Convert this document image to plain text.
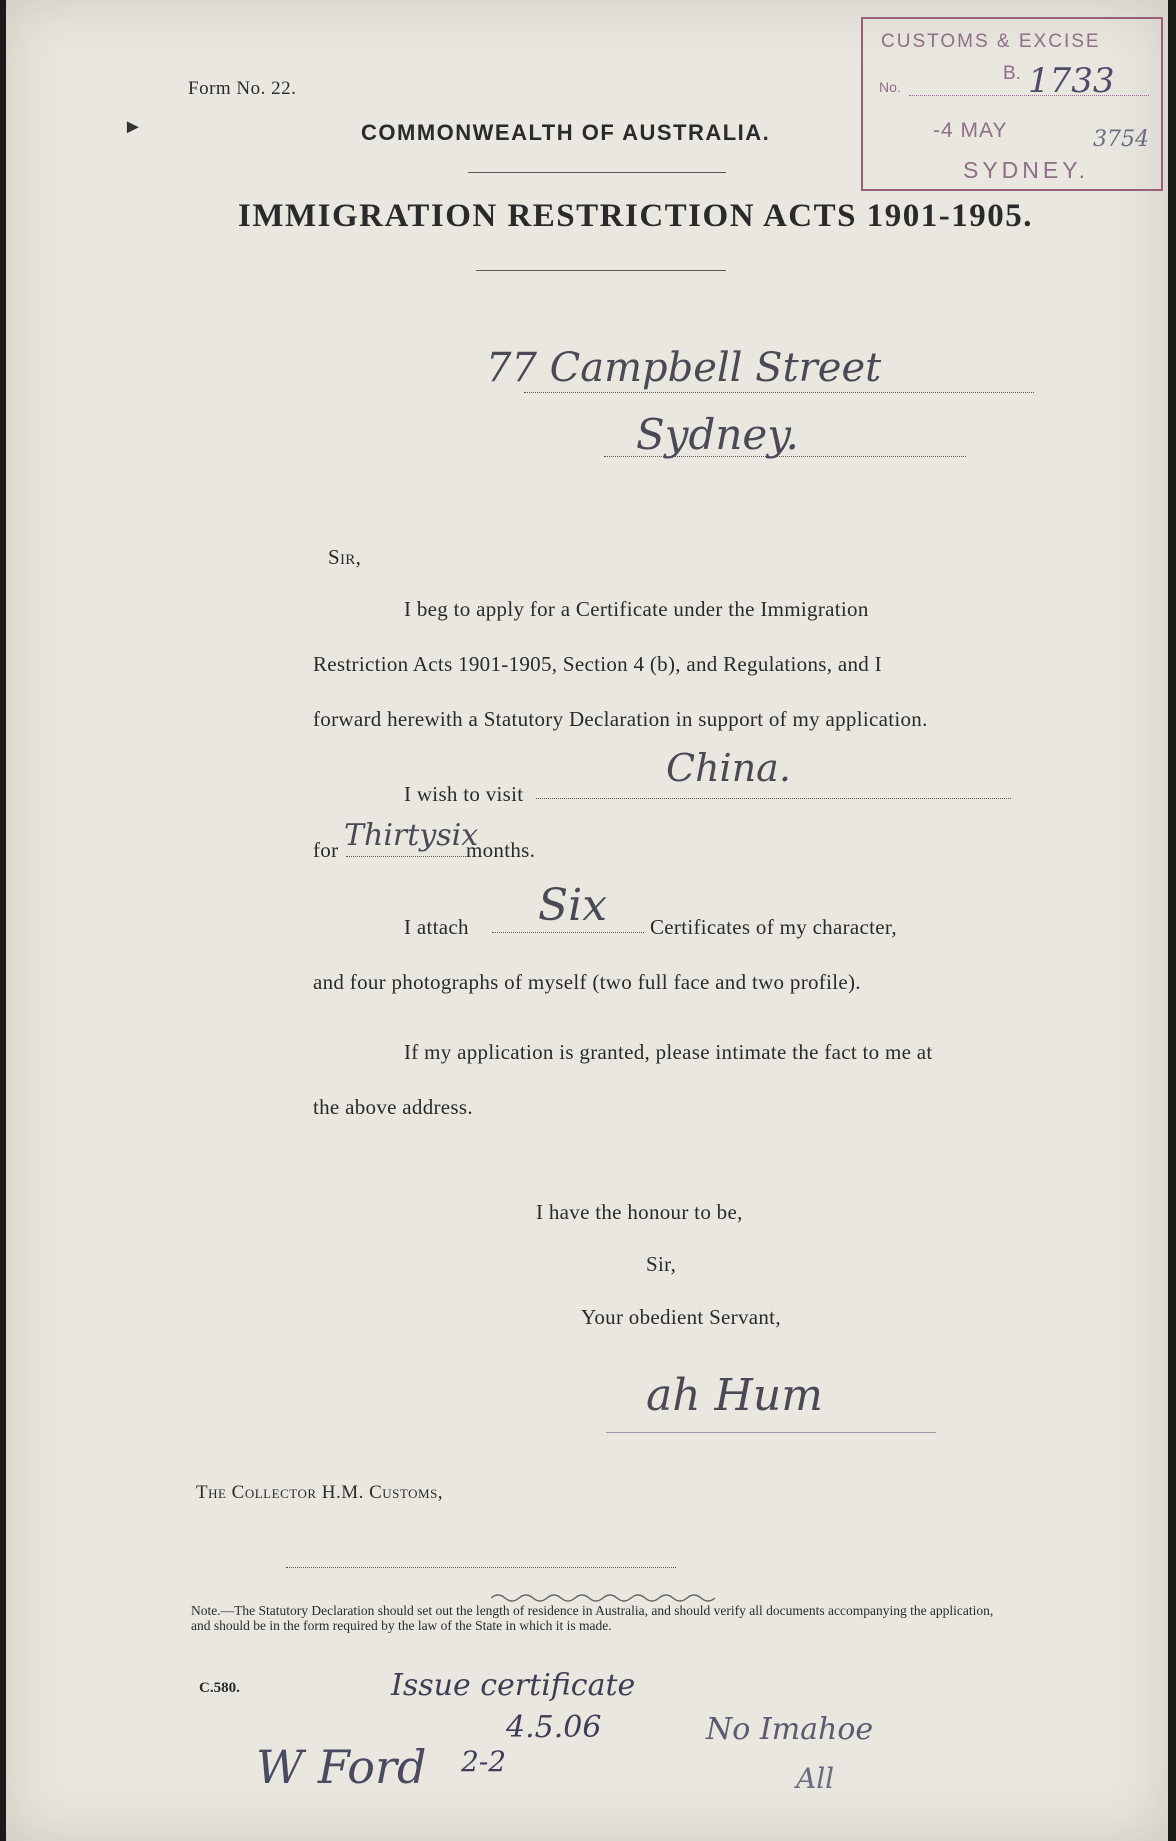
►
Form No. 22.
COMMONWEALTH OF AUSTRALIA.
IMMIGRATION RESTRICTION ACTS 1901-1905.
CUSTOMS & EXCISE
No.
B. 1733
-4 MAY	3754
SYDNEY.
77 Campbell Street
Sydney.
Sir,
I beg to apply for a Certificate under the Immigration
Restriction Acts 1901-1905, Section 4 (b), and Regulations, and I
forward herewith a Statutory Declaration in support of my application.
I wish to visit
China.
for Thirtysix
months.
I attach Six Certificates of my character,
and four photographs of myself (two full face and two profile).
If my application is granted, please intimate the fact to me at
the above address.
I have the honour to be,
Sir,
Your obedient Servant,
ah Hum
The Collector H.M. Customs,
Note.—The Statutory Declaration should set out the length of residence in Australia, and should verify all documents accompanying the application, and should be in the form required by the law of the State in which it is made.
C.580.	Issue certificate
4.5.06
2-2
W Ford
No Imahoe
All
